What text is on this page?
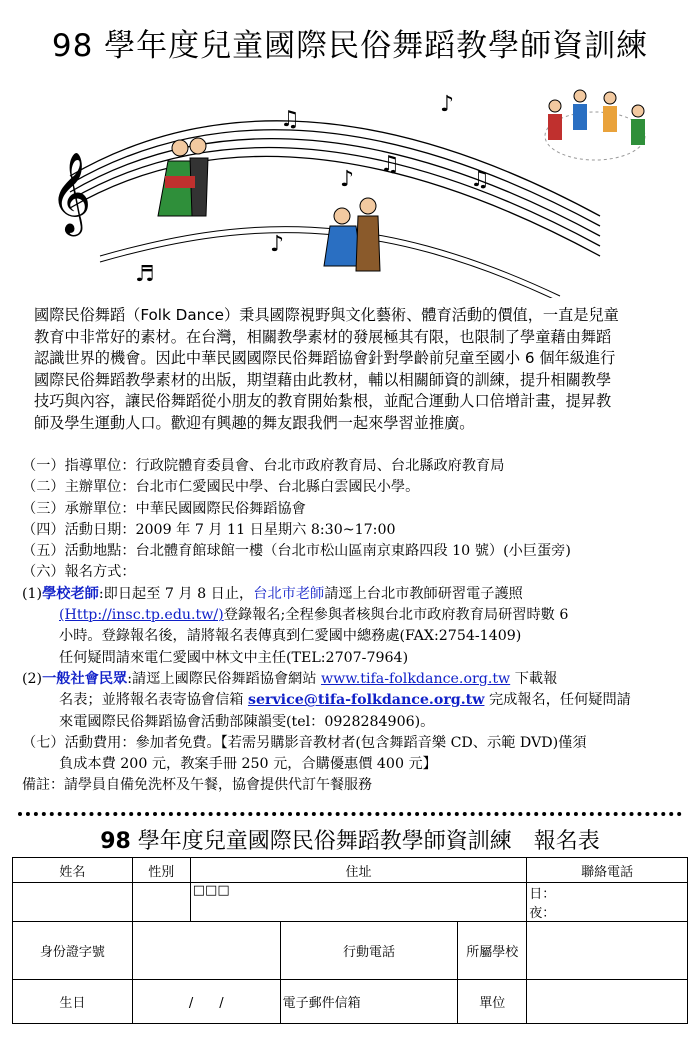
98 學年度兒童國際民俗舞蹈教學師資訓練
𝄞
♫
♪
♫
♪
♫
♪
♬
國際民俗舞蹈（Folk Dance）秉具國際視野與文化藝術、體育活動的價值，一直是兒童
教育中非常好的素材。在台灣，相關教學素材的發展極其有限，也限制了學童藉由舞蹈
認識世界的機會。因此中華民國國際民俗舞蹈協會針對學齡前兒童至國小 6 個年級進行
國際民俗舞蹈教學素材的出版，期望藉由此教材，輔以相關師資的訓練，提升相關教學
技巧與內容，讓民俗舞蹈從小朋友的教育開始紮根，並配合運動人口倍增計畫，提昇教
師及學生運動人口。歡迎有興趣的舞友跟我們一起來學習並推廣。
（一）指導單位：行政院體育委員會、台北市政府教育局、台北縣政府教育局
（二）主辦單位：台北市仁愛國民中學、台北縣白雲國民小學。
（三）承辦單位：中華民國國際民俗舞蹈協會
（四）活動日期：2009 年 7 月 11 日星期六 8:30~17:00
（五）活動地點：台北體育館球館一樓（台北市松山區南京東路四段 10 號）(小巨蛋旁)
（六）報名方式：
(1)學校老師:即日起至 7 月 8 日止，台北市老師請逕上台北市教師研習電子護照
(Http://insc.tp.edu.tw/)登錄報名;全程參與者核與台北市政府教育局研習時數 6
小時。登錄報名後，請將報名表傳真到仁愛國中總務處(FAX:2754-1409)
任何疑問請來電仁愛國中林文中主任(TEL:2707-7964)
(2)一般社會民眾:請逕上國際民俗舞蹈協會網站 www.tifa-folkdance.org.tw 下載報
名表；並將報名表寄協會信箱 service@tifa-folkdance.org.tw 完成報名，任何疑問請
來電國際民俗舞蹈協會活動部陳韻雯(tel：0928284906)。
（七）活動費用：參加者免費。【若需另購影音教材者(包含舞蹈音樂 CD、示範 DVD)僅須
負成本費 200 元，教案手冊 250 元，合購優惠價 400 元】
備註：請學員自備免洗杯及午餐，協會提供代訂午餐服務
98 學年度兒童國際民俗舞蹈教學師資訓練　報名表
姓名	性別	住址			聯絡電話
		□□□			日：
夜：

身份證字號			行動電話	所屬學校	
生日	/　　/		電子郵件信箱	單位	
